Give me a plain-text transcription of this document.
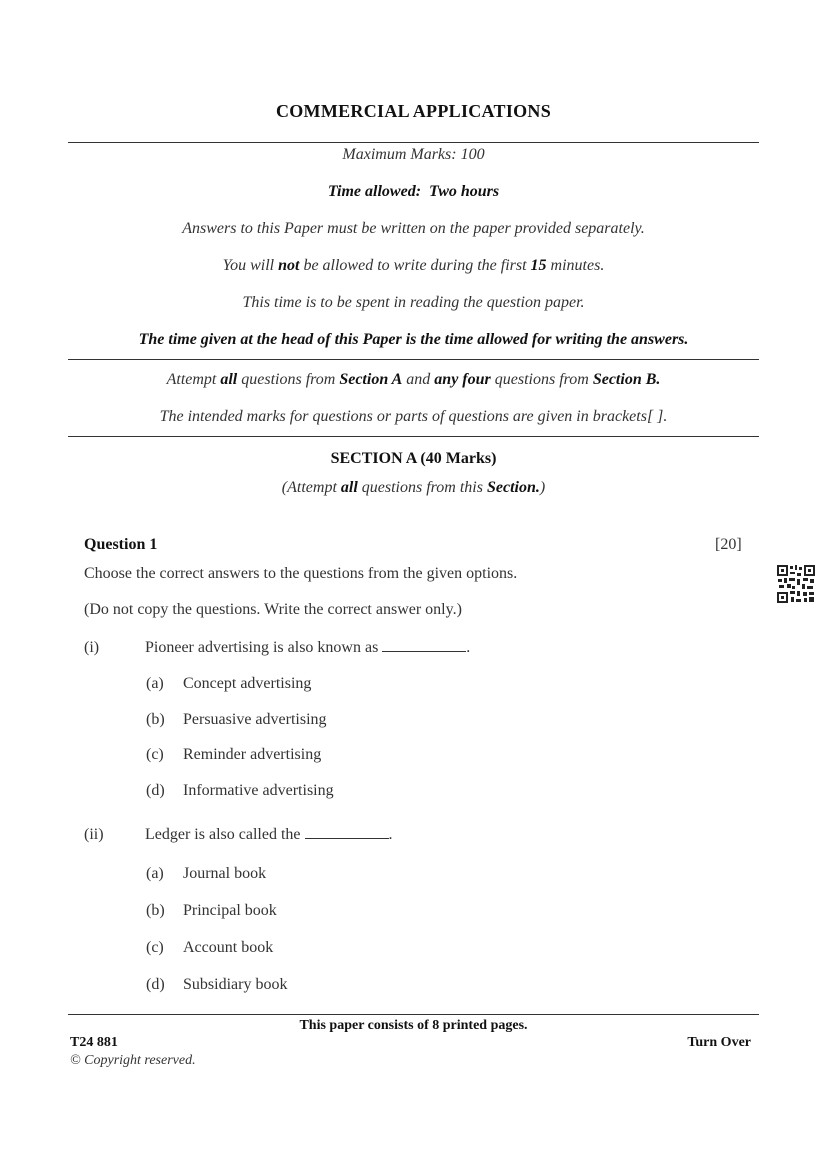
COMMERCIAL APPLICATIONS
Maximum Marks: 100
Time allowed: Two hours
Answers to this Paper must be written on the paper provided separately.
You will not be allowed to write during the first 15 minutes.
This time is to be spent in reading the question paper.
The time given at the head of this Paper is the time allowed for writing the answers.
Attempt all questions from Section A and any four questions from Section B.
The intended marks for questions or parts of questions are given in brackets[ ].
SECTION A (40 Marks)
(Attempt all questions from this Section.)
Question 1	[20]
Choose the correct answers to the questions from the given options.
(Do not copy the questions. Write the correct answer only.)
(i)	Pioneer advertising is also known as	.
(a) Concept advertising
(b) Persuasive advertising
(c) Reminder advertising
(d) Informative advertising
(ii)	Ledger is also called the	.
(a) Journal book
(b) Principal book
(c) Account book
(d) Subsidiary book
This paper consists of 8 printed pages.
T24 881	Turn Over
© Copyright reserved.
